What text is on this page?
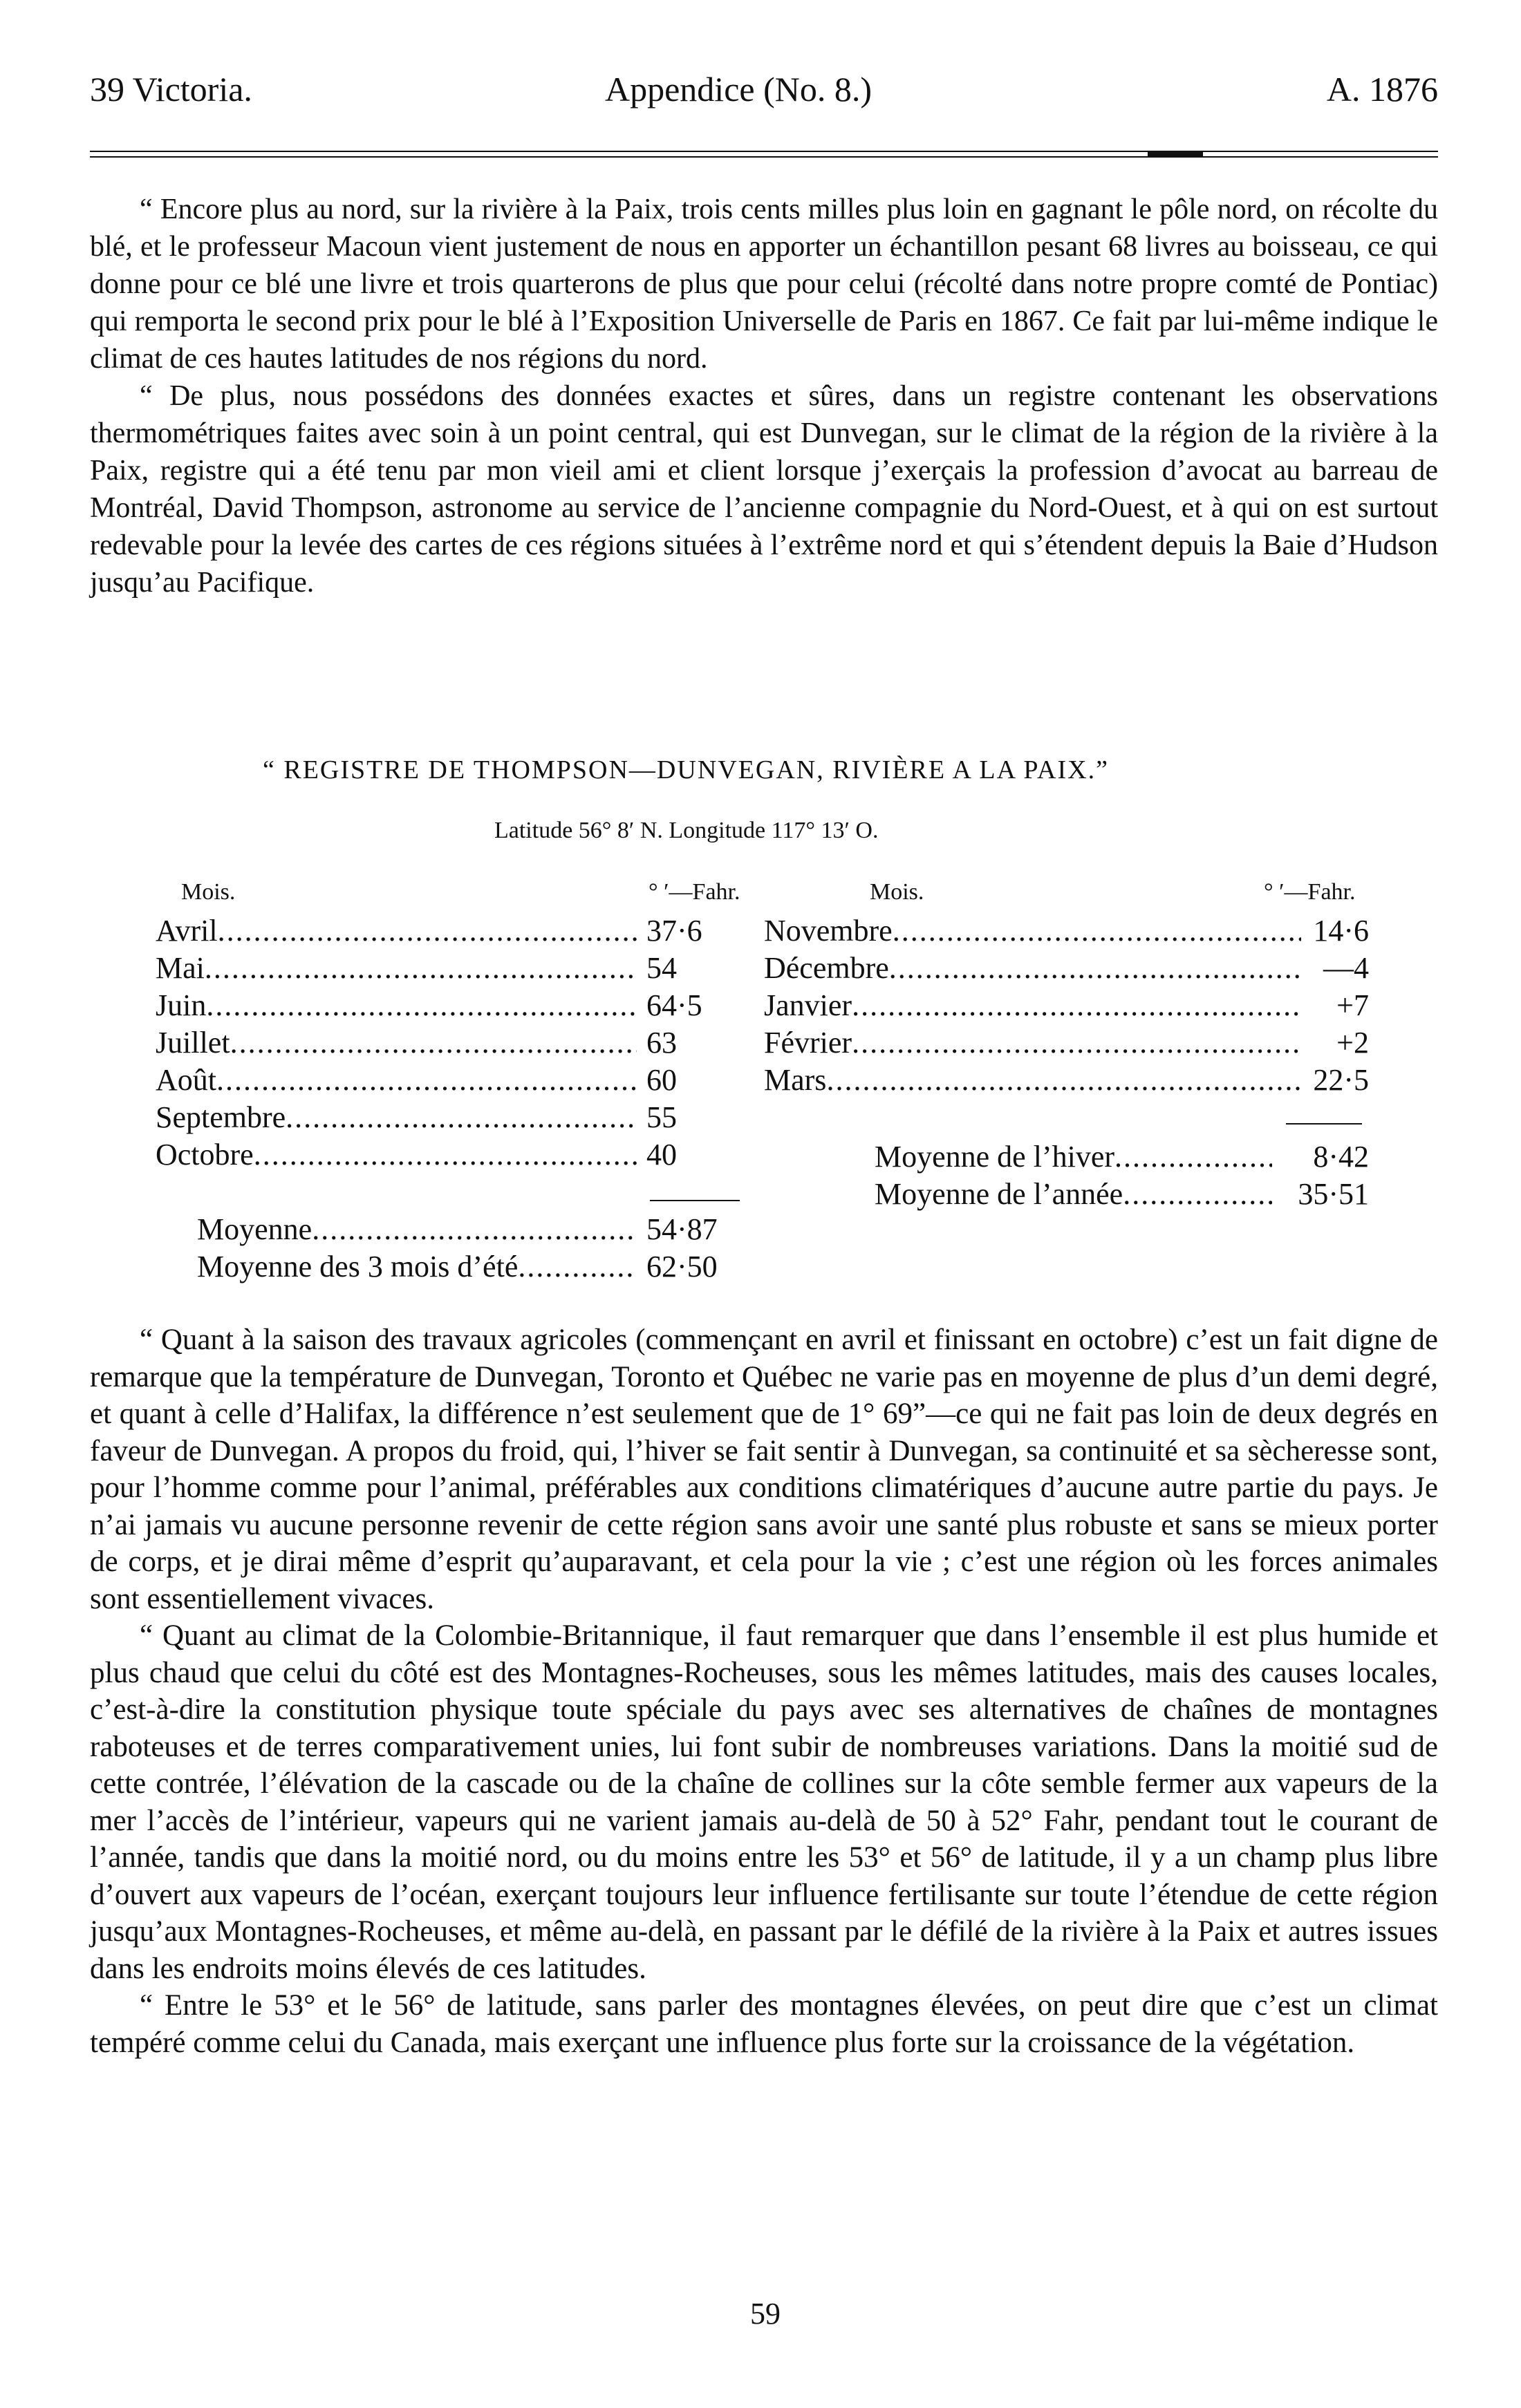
39 Victoria.	Appendice (No. 8.)	A. 1876

“ Encore plus au nord, sur la rivière à la Paix, trois cents milles plus loin en gagnant le pôle nord, on récolte du blé, et le professeur Macoun vient justement de nous en apporter un échantillon pesant 68 livres au boisseau, ce qui donne pour ce blé une livre et trois quarterons de plus que pour celui (récolté dans notre propre comté de Pontiac) qui remporta le second prix pour le blé à l’Exposition Universelle de Paris en 1867. Ce fait par lui-même indique le climat de ces hautes latitudes de nos régions du nord.

“ De plus, nous possédons des données exactes et sûres, dans un registre contenant les observations thermométriques faites avec soin à un point central, qui est Dunvegan, sur le climat de la région de la rivière à la Paix, registre qui a été tenu par mon vieil ami et client lorsque j’exerçais la profession d’avocat au barreau de Montréal, David Thompson, astronome au service de l’ancienne compagnie du Nord-Ouest, et à qui on est surtout redevable pour la levée des cartes de ces régions situées à l’extrême nord et qui s’étendent depuis la Baie d’Hudson jusqu’au Pacifique.

“ REGISTRE DE THOMPSON—DUNVEGAN, RIVIÈRE A LA PAIX.”
Latitude 56° 8′ N. Longitude 117° 13′ O.
Mois.	° ′—Fahr.	Mois.	° ′—Fahr.
Avril .....	37·6
Mai .....	54
Juin .....	64·5
Juillet .....	63
Août .....	60
Septembre .....	55
Octobre .....	40
Novembre .....	14·6
Décembre .....	—4
Janvier .....	+7
Février .....	+2
Mars .....	22·5
Moyenne de l’hiver .....	8·42
Moyenne de l’année .....	35·51
Moyenne .....	54·87
Moyenne des 3 mois d’été .....	62·50

“ Quant à la saison des travaux agricoles (commençant en avril et finissant en octobre) c’est un fait digne de remarque que la température de Dunvegan, Toronto et Québec ne varie pas en moyenne de plus d’un demi degré, et quant à celle d’Halifax, la différence n’est seulement que de 1° 69”—ce qui ne fait pas loin de deux degrés en faveur de Dunvegan. A propos du froid, qui, l’hiver se fait sentir à Dunvegan, sa continuité et sa sècheresse sont, pour l’homme comme pour l’animal, préférables aux conditions climatériques d’aucune autre partie du pays. Je n’ai jamais vu aucune personne revenir de cette région sans avoir une santé plus robuste et sans se mieux porter de corps, et je dirai même d’esprit qu’auparavant, et cela pour la vie ; c’est une région où les forces animales sont essentiellement vivaces.

“ Quant au climat de la Colombie-Britannique, il faut remarquer que dans l’ensemble il est plus humide et plus chaud que celui du côté est des Montagnes-Rocheuses, sous les mêmes latitudes, mais des causes locales, c’est-à-dire la constitution physique toute spéciale du pays avec ses alternatives de chaînes de montagnes raboteuses et de terres comparativement unies, lui font subir de nombreuses variations. Dans la moitié sud de cette contrée, l’élévation de la cascade ou de la chaîne de collines sur la côte semble fermer aux vapeurs de la mer l’accès de l’intérieur, vapeurs qui ne varient jamais au-delà de 50 à 52° Fahr, pendant tout le courant de l’année, tandis que dans la moitié nord, ou du moins entre les 53° et 56° de latitude, il y a un champ plus libre d’ouvert aux vapeurs de l’océan, exerçant toujours leur influence fertilisante sur toute l’étendue de cette région jusqu’aux Montagnes-Rocheuses, et même au-delà, en passant par le défilé de la rivière à la Paix et autres issues dans les endroits moins élevés de ces latitudes.

“ Entre le 53° et le 56° de latitude, sans parler des montagnes élevées, on peut dire que c’est un climat tempéré comme celui du Canada, mais exerçant une influence plus forte sur la croissance de la végétation.

59
